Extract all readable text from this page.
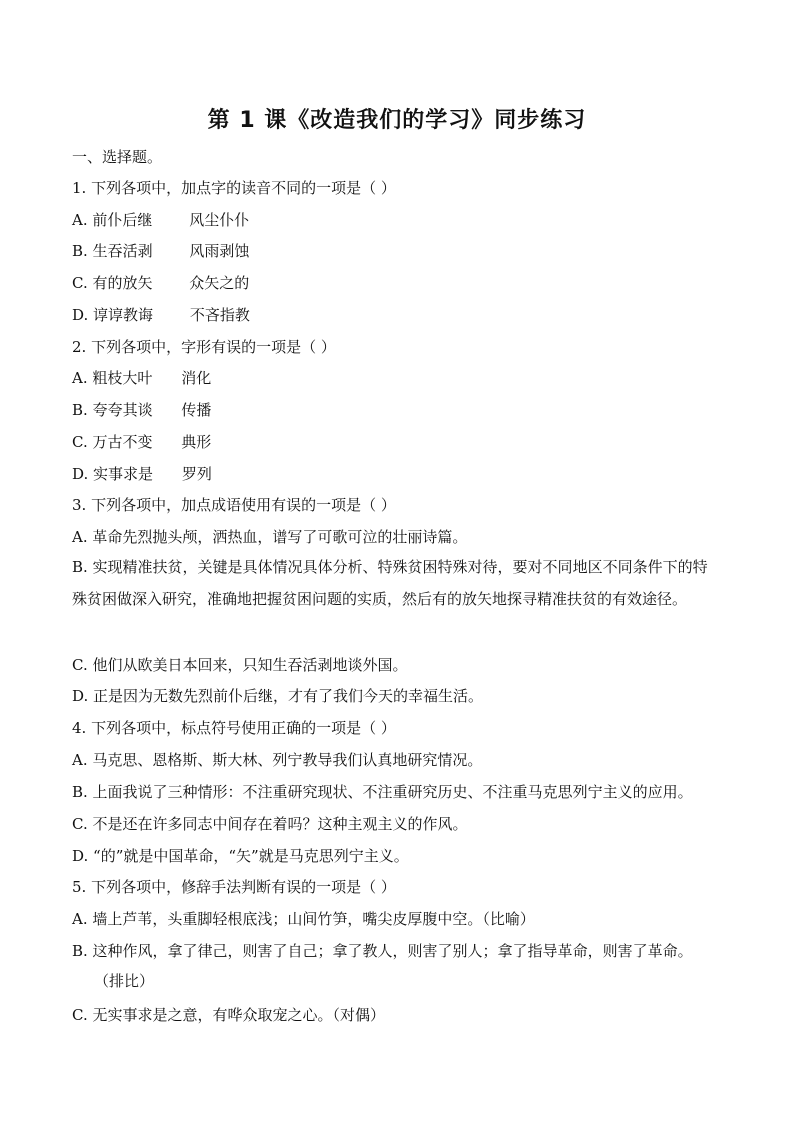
第 1 课《改造我们的学习》同步练习
一、选择题。
1. 下列各项中，加点字的读音不同的一项是（ ）
A. 前仆后继 风尘仆仆
B. 生吞活剥 风雨剥蚀
C. 有的放矢 众矢之的
D. 谆谆教诲 不吝指教
2. 下列各项中，字形有误的一项是（ ）
A. 粗枝大叶 消化
B. 夸夸其谈 传播
C. 万古不变 典形
D. 实事求是 罗列
3. 下列各项中，加点成语使用有误的一项是（ ）
A. 革命先烈抛头颅，洒热血，谱写了可歌可泣的壮丽诗篇。
B. 实现精准扶贫，关键是具体情况具体分析、特殊贫困特殊对待，要对不同地区不同条件下的特殊贫困做深入研究，准确地把握贫困问题的实质，然后有的放矢地探寻精准扶贫的有效途径。
C. 他们从欧美日本回来，只知生吞活剥地谈外国。
D. 正是因为无数先烈前仆后继，才有了我们今天的幸福生活。
4. 下列各项中，标点符号使用正确的一项是（ ）
A. 马克思、恩格斯、斯大林、列宁教导我们认真地研究情况。
B. 上面我说了三种情形：不注重研究现状、不注重研究历史、不注重马克思列宁主义的应用。
C. 不是还在许多同志中间存在着吗？这种主观主义的作风。
D. “的”就是中国革命，“矢”就是马克思列宁主义。
5. 下列各项中，修辞手法判断有误的一项是（ ）
A. 墙上芦苇，头重脚轻根底浅；山间竹笋，嘴尖皮厚腹中空。（比喻）
B. 这种作风，拿了律己，则害了自己；拿了教人，则害了别人；拿了指导革命，则害了革命。
（排比）
C. 无实事求是之意，有哗众取宠之心。（对偶）
